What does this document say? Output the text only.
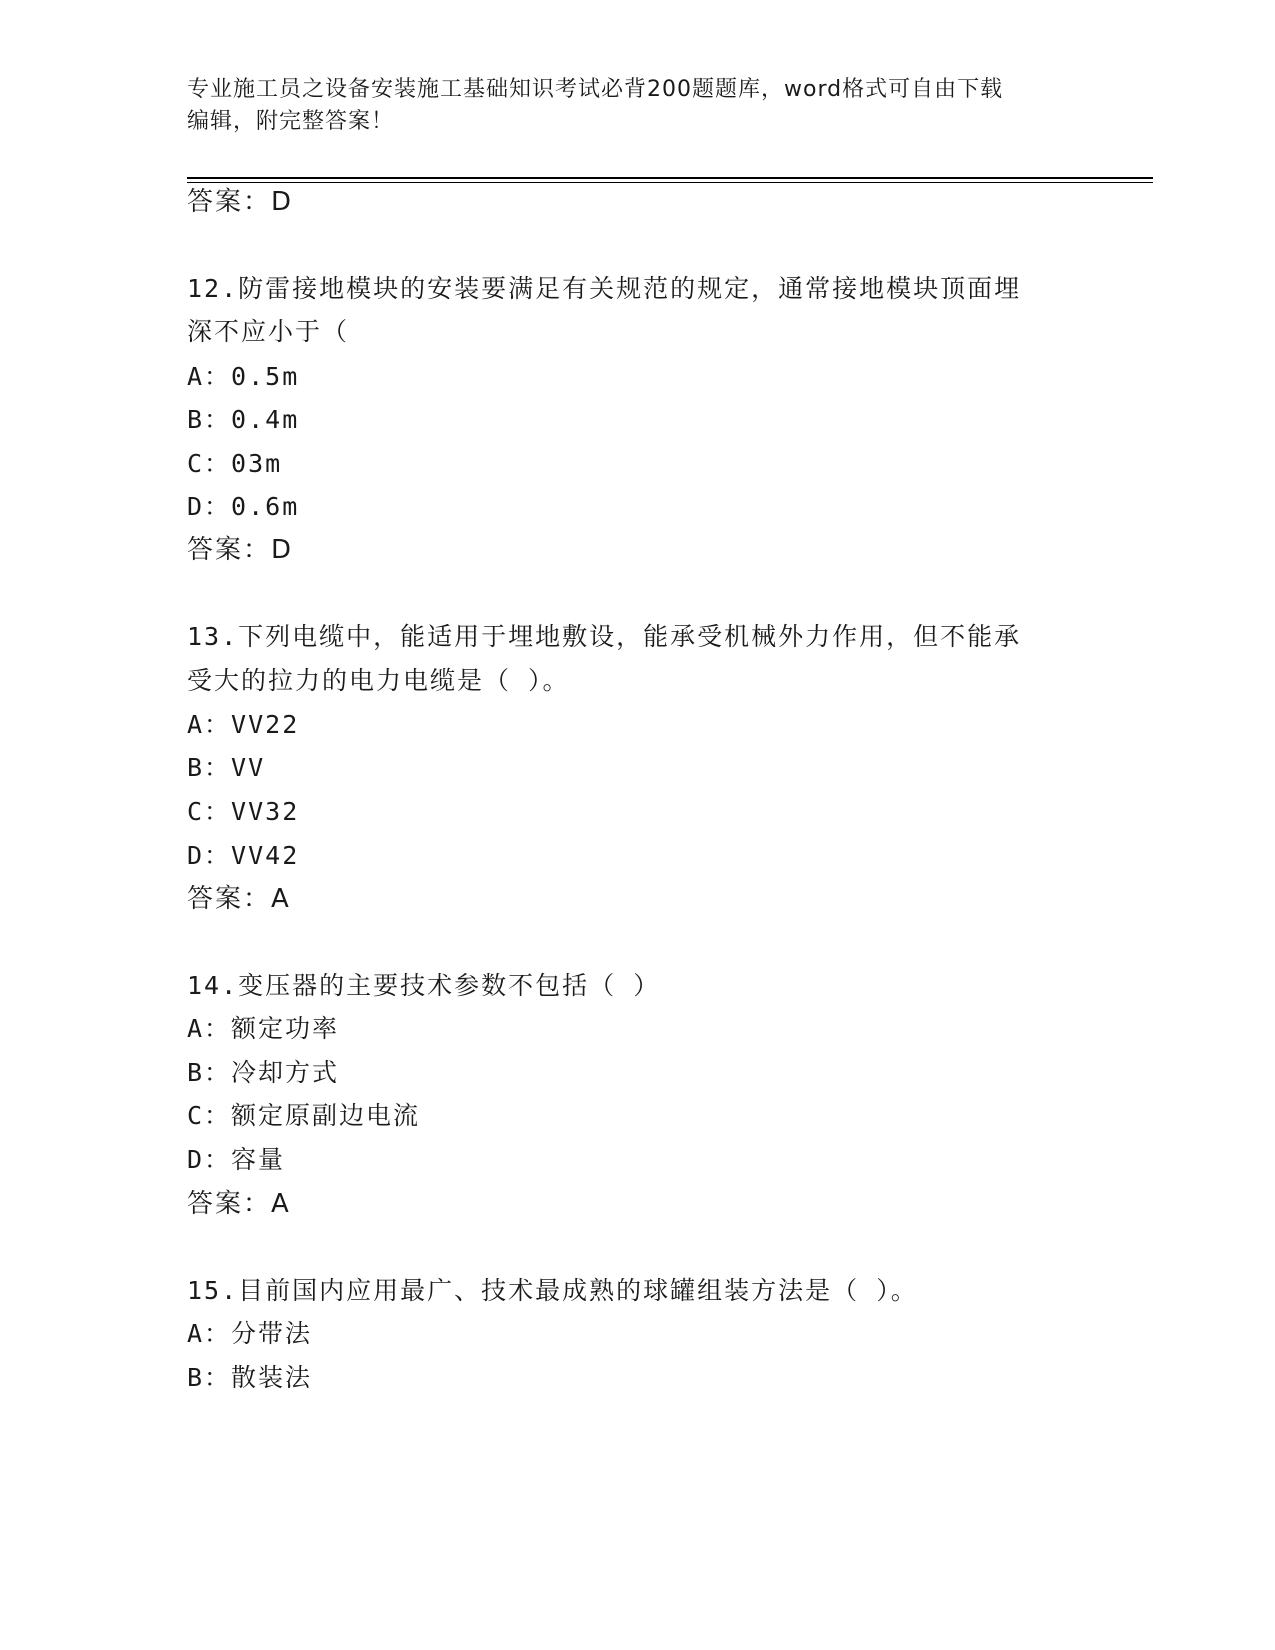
专业施工员之设备安装施工基础知识考试必背200题题库，word格式可自由下载
编辑，附完整答案！
答案：D
12.防雷接地模块的安装要满足有关规范的规定，通常接地模块顶面埋
深不应小于（
A：0.5m
B：0.4m
C：03m
D：0.6m
答案：D
13.下列电缆中，能适用于埋地敷设，能承受机械外力作用，但不能承
受大的拉力的电力电缆是（ ）。
A：VV22
B：VV
C：VV32
D：VV42
答案：A
14.变压器的主要技术参数不包括（ ）
A：额定功率
B：冷却方式
C：额定原副边电流
D：容量
答案：A
15.目前国内应用最广、技术最成熟的球罐组装方法是（ ）。
A：分带法
B：散装法
